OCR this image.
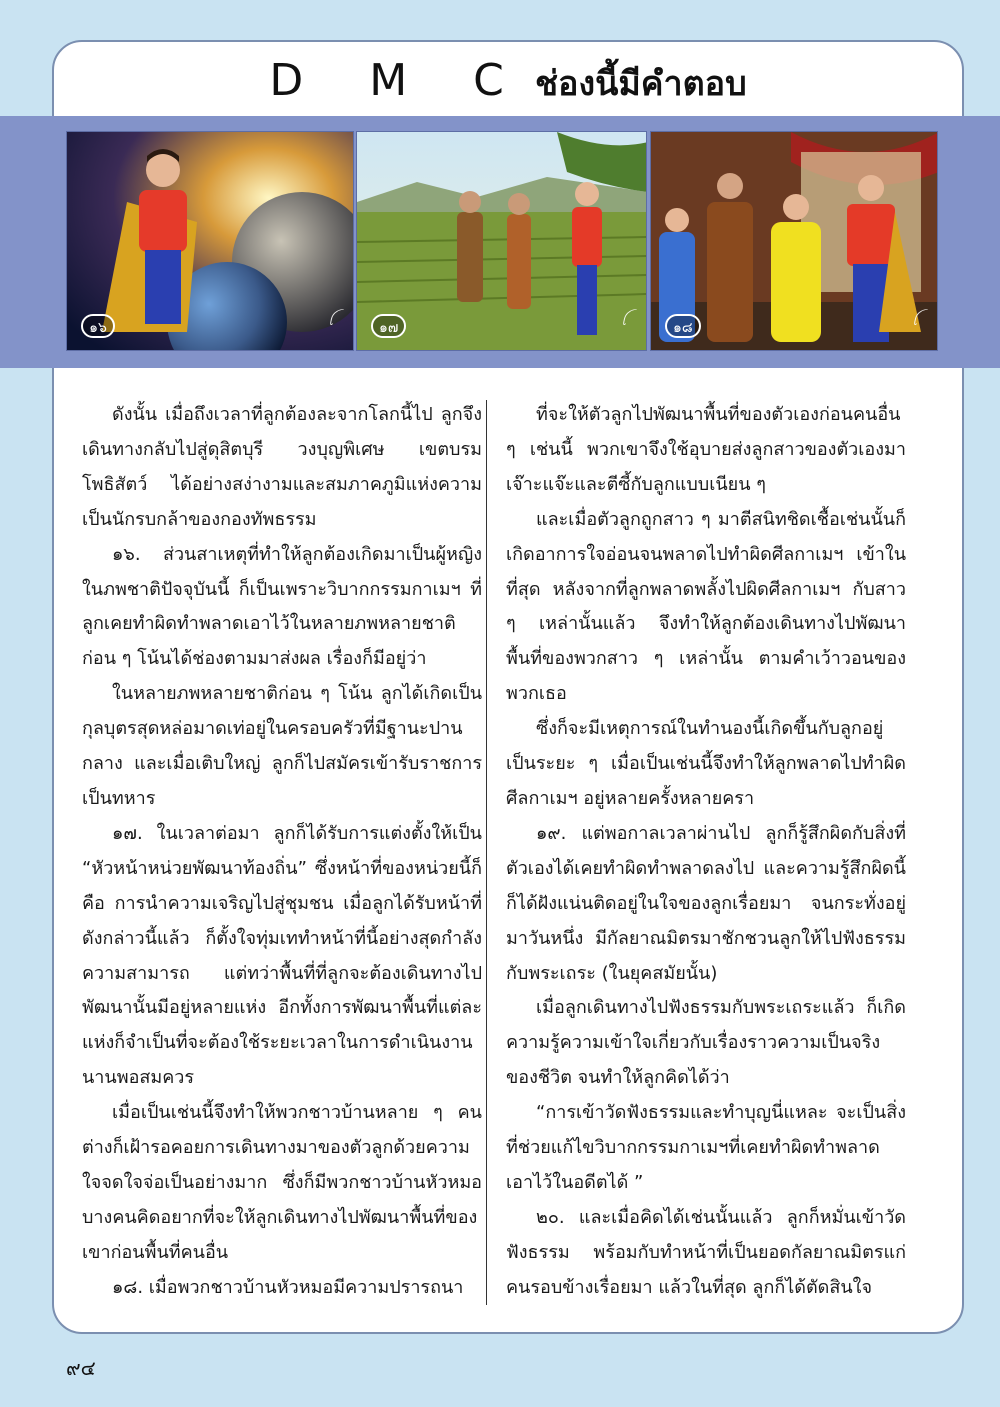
D M C ช่องนี้มีคำตอบ
๑๖	ꪶ	๑๗	ꪶ	๑๘	ꪶ

ดังนั้น เมื่อถึงเวลาที่ลูกต้องละจากโลกนี้ไป ลูกจึงเดินทางกลับไปสู่ดุสิตบุรี วงบุญพิเศษ เขตบรมโพธิสัตว์ ได้อย่างสง่างามและสมภาคภูมิแห่งความเป็นนักรบกล้าของกองทัพธรรม

๑๖. ส่วนสาเหตุที่ทำให้ลูกต้องเกิดมาเป็นผู้หญิงในภพชาติปัจจุบันนี้ ก็เป็นเพราะวิบากกรรมกาเมฯ ที่ลูกเคยทำผิดทำพลาดเอาไว้ในหลายภพหลายชาติก่อน ๆ โน้นได้ช่องตามมาส่งผล เรื่องก็มีอยู่ว่า

ในหลายภพหลายชาติก่อน ๆ โน้น ลูกได้เกิดเป็นกุลบุตรสุดหล่อมาดเท่อยู่ในครอบครัวที่มีฐานะปานกลาง และเมื่อเติบใหญ่ ลูกก็ไปสมัครเข้ารับราชการเป็นทหาร

๑๗. ในเวลาต่อมา ลูกก็ได้รับการแต่งตั้งให้เป็น “หัวหน้าหน่วยพัฒนาท้องถิ่น” ซึ่งหน้าที่ของหน่วยนี้ก็คือ การนำความเจริญไปสู่ชุมชน เมื่อลูกได้รับหน้าที่ดังกล่าวนี้แล้ว ก็ตั้งใจทุ่มเททำหน้าที่นี้อย่างสุดกำลังความสามารถ แต่ทว่าพื้นที่ที่ลูกจะต้องเดินทางไปพัฒนานั้นมีอยู่หลายแห่ง อีกทั้งการพัฒนาพื้นที่แต่ละแห่งก็จำเป็นที่จะต้องใช้ระยะเวลาในการดำเนินงานนานพอสมควร

เมื่อเป็นเช่นนี้จึงทำให้พวกชาวบ้านหลาย ๆ คนต่างก็เฝ้ารอคอยการเดินทางมาของตัวลูกด้วยความใจจดใจจ่อเป็นอย่างมาก ซึ่งก็มีพวกชาวบ้านหัวหมอบางคนคิดอยากที่จะให้ลูกเดินทางไปพัฒนาพื้นที่ของเขาก่อนพื้นที่คนอื่น

๑๘. เมื่อพวกชาวบ้านหัวหมอมีความปรารถนา

ที่จะให้ตัวลูกไปพัฒนาพื้นที่ของตัวเองก่อนคนอื่น ๆ เช่นนี้ พวกเขาจึงใช้อุบายส่งลูกสาวของตัวเองมาเจ๊าะแจ๊ะและตีซี้กับลูกแบบเนียน ๆ

และเมื่อตัวลูกถูกสาว ๆ มาตีสนิทชิดเชื้อเช่นนั้นก็เกิดอาการใจอ่อนจนพลาดไปทำผิดศีลกาเมฯ เข้าในที่สุด หลังจากที่ลูกพลาดพลั้งไปผิดศีลกาเมฯ กับสาว ๆ เหล่านั้นแล้ว จึงทำให้ลูกต้องเดินทางไปพัฒนาพื้นที่ของพวกสาว ๆ เหล่านั้น ตามคำเว้าวอนของพวกเธอ

ซึ่งก็จะมีเหตุการณ์ในทำนองนี้เกิดขึ้นกับลูกอยู่เป็นระยะ ๆ เมื่อเป็นเช่นนี้จึงทำให้ลูกพลาดไปทำผิดศีลกาเมฯ อยู่หลายครั้งหลายครา

๑๙. แต่พอกาลเวลาผ่านไป ลูกก็รู้สึกผิดกับสิ่งที่ตัวเองได้เคยทำผิดทำพลาดลงไป และความรู้สึกผิดนี้ก็ได้ฝังแน่นติดอยู่ในใจของลูกเรื่อยมา จนกระทั่งอยู่มาวันหนึ่ง มีกัลยาณมิตรมาชักชวนลูกให้ไปฟังธรรมกับพระเถระ (ในยุคสมัยนั้น)

เมื่อลูกเดินทางไปฟังธรรมกับพระเถระแล้ว ก็เกิดความรู้ความเข้าใจเกี่ยวกับเรื่องราวความเป็นจริงของชีวิต จนทำให้ลูกคิดได้ว่า

“การเข้าวัดฟังธรรมและทำบุญนี่แหละ จะเป็นสิ่งที่ช่วยแก้ไขวิบากกรรมกาเมฯที่เคยทำผิดทำพลาดเอาไว้ในอดีตได้ ”

๒๐. และเมื่อคิดได้เช่นนั้นแล้ว ลูกก็หมั่นเข้าวัดฟังธรรม พร้อมกับทำหน้าที่เป็นยอดกัลยาณมิตรแก่คนรอบข้างเรื่อยมา แล้วในที่สุด ลูกก็ได้ตัดสินใจ

๙๔
